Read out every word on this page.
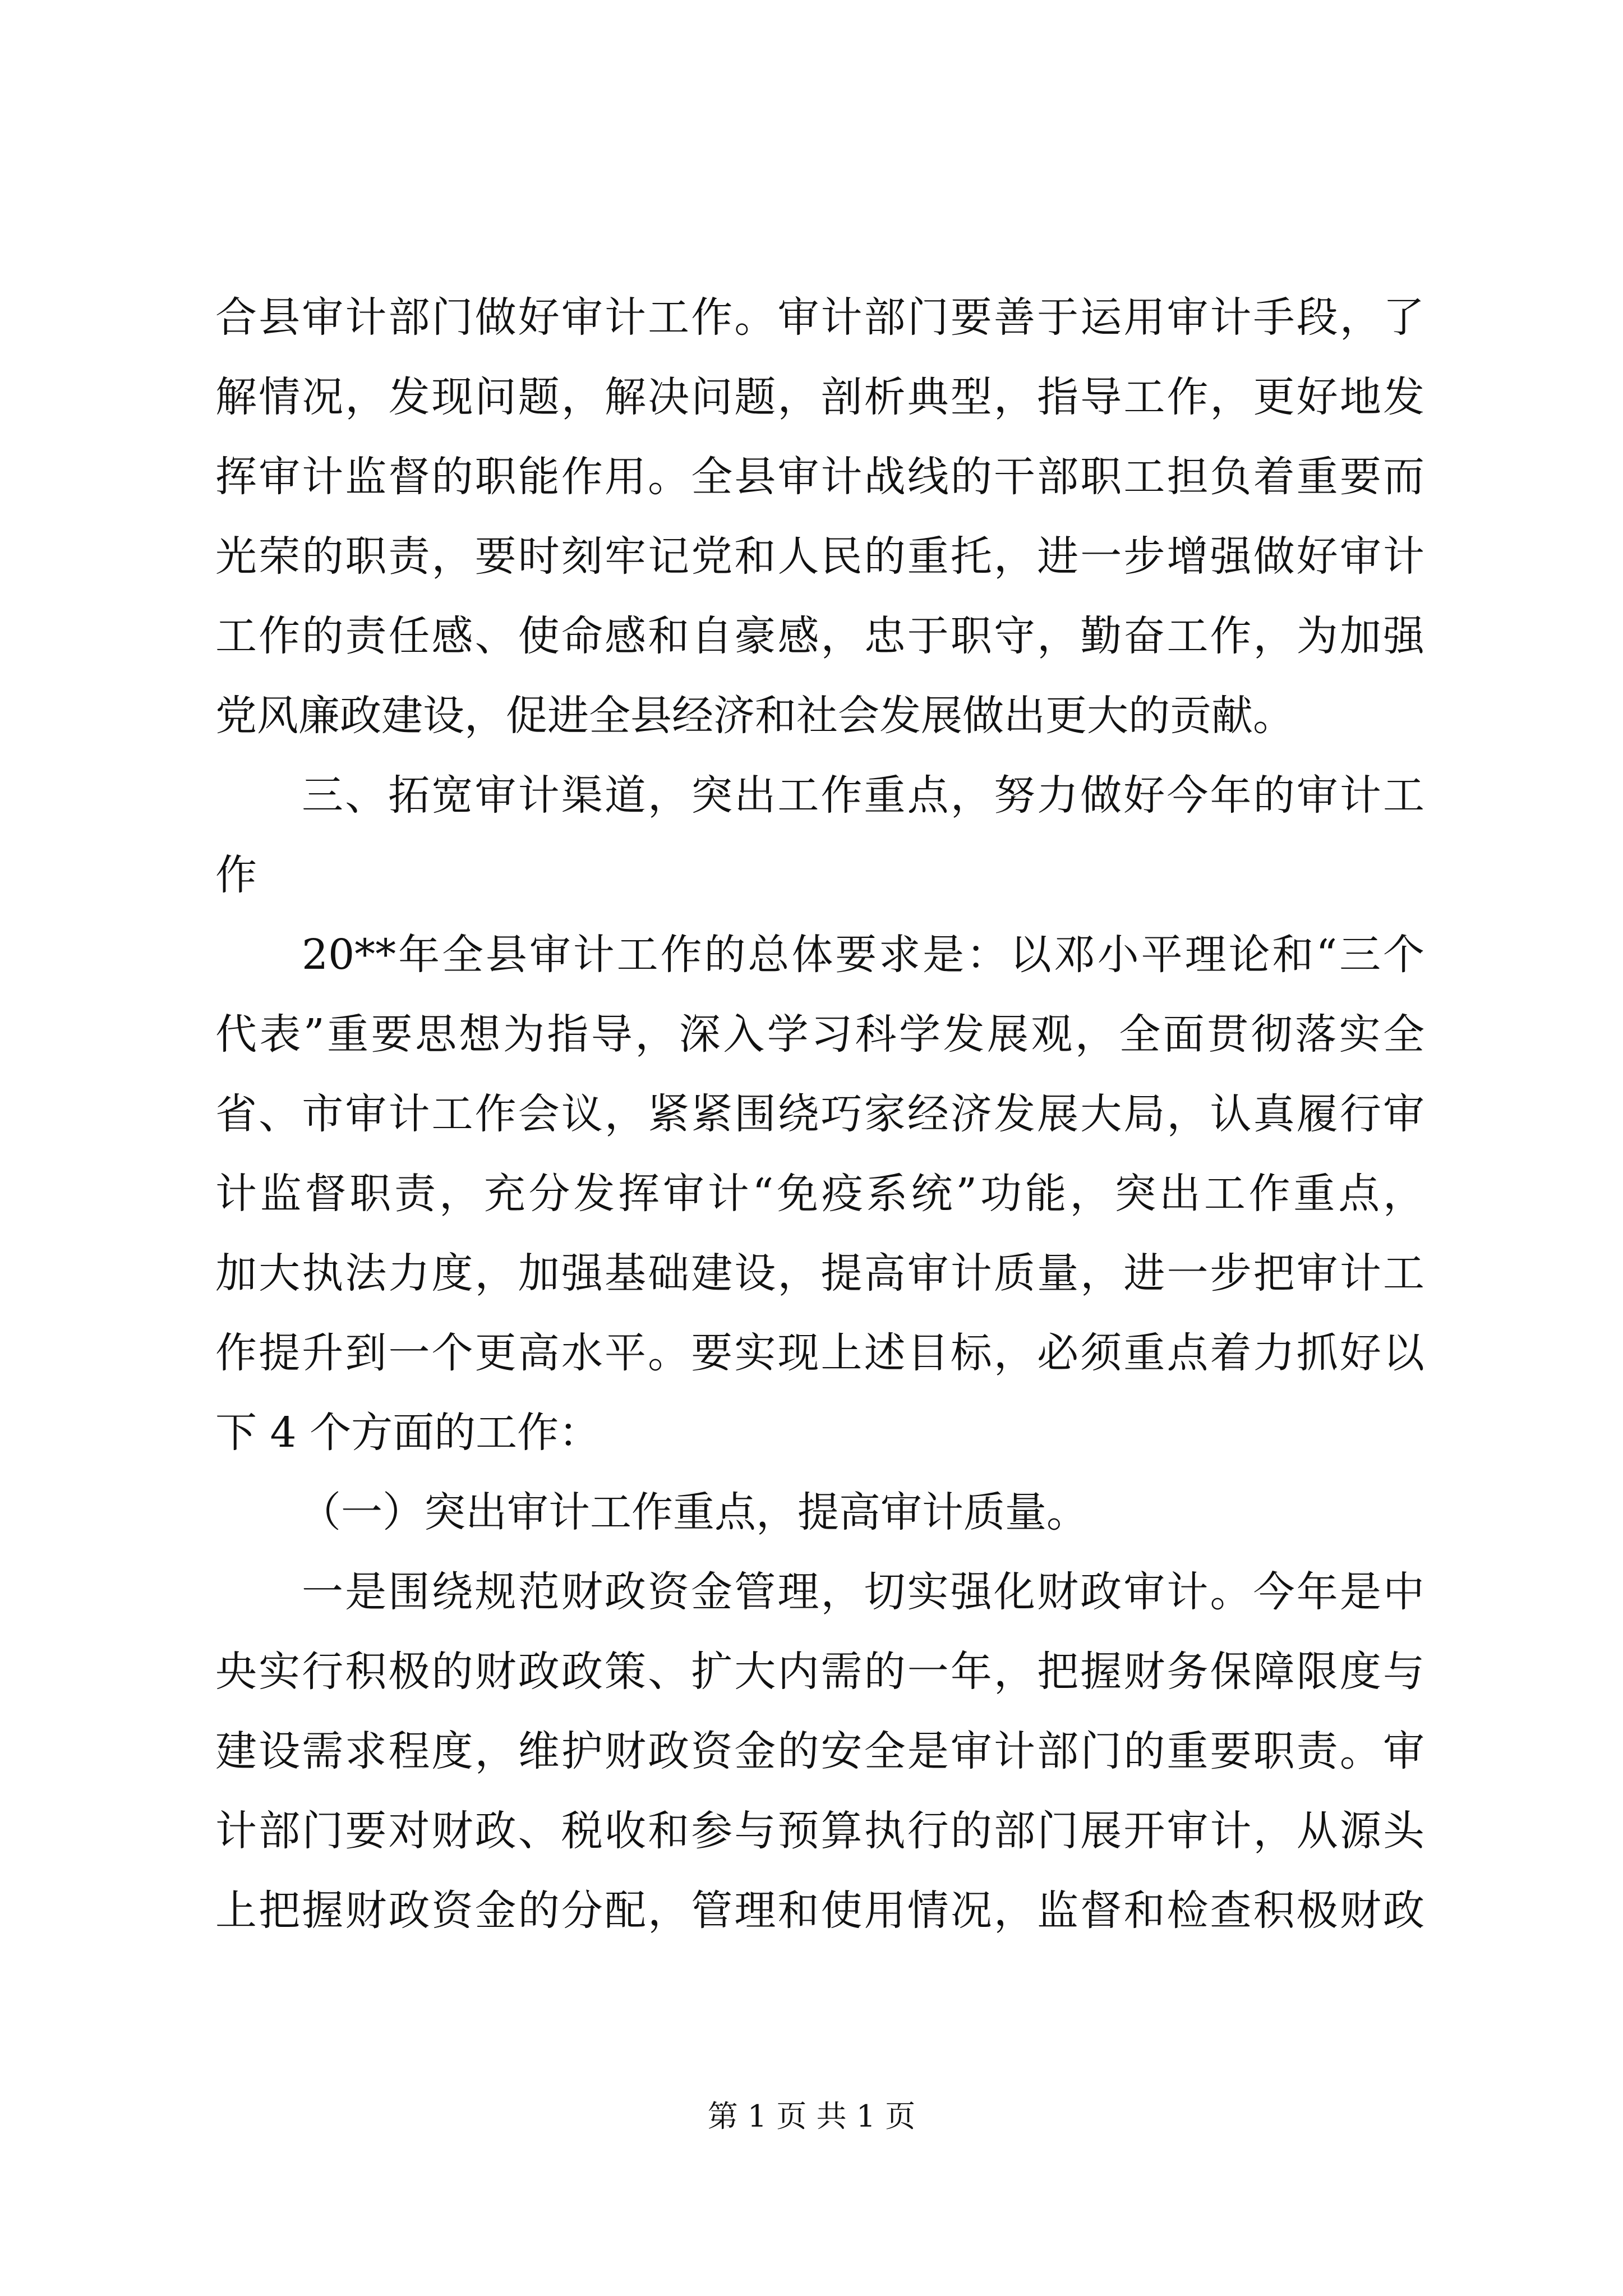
合县审计部门做好审计工作。审计部门要善于运用审计手段，了
解情况，发现问题，解决问题，剖析典型，指导工作，更好地发
挥审计监督的职能作用。全县审计战线的干部职工担负着重要而
光荣的职责，要时刻牢记党和人民的重托，进一步增强做好审计
工作的责任感、使命感和自豪感，忠于职守，勤奋工作，为加强
党风廉政建设，促进全县经济和社会发展做出更大的贡献。
三、拓宽审计渠道，突出工作重点，努力做好今年的审计工
作
20**年全县审计工作的总体要求是：以邓小平理论和“三个
代表”重要思想为指导，深入学习科学发展观，全面贯彻落实全
省、市审计工作会议，紧紧围绕巧家经济发展大局，认真履行审
计监督职责，充分发挥审计“免疫系统”功能，突出工作重点，
加大执法力度，加强基础建设，提高审计质量，进一步把审计工
作提升到一个更高水平。要实现上述目标，必须重点着力抓好以
下 4 个方面的工作：
（一）突出审计工作重点，提高审计质量。
一是围绕规范财政资金管理，切实强化财政审计。今年是中
央实行积极的财政政策、扩大内需的一年，把握财务保障限度与
建设需求程度，维护财政资金的安全是审计部门的重要职责。审
计部门要对财政、税收和参与预算执行的部门展开审计，从源头
上把握财政资金的分配，管理和使用情况，监督和检查积极财政
第 1 页 共 1 页
